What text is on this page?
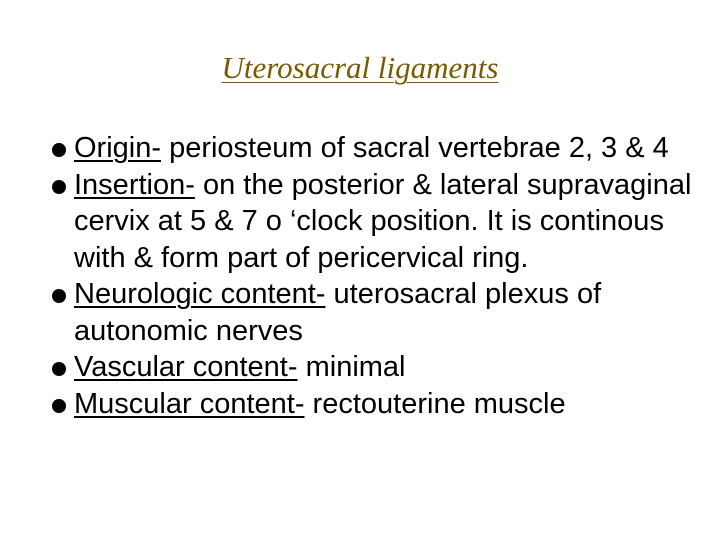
Uterosacral ligaments
Origin- periosteum of sacral vertebrae 2, 3 & 4
Insertion- on the posterior & lateral supravaginal cervix at 5 & 7 o ‘clock position. It is continous with & form part of pericervical ring.
Neurologic content- uterosacral plexus of autonomic nerves
Vascular content- minimal
Muscular content- rectouterine muscle
